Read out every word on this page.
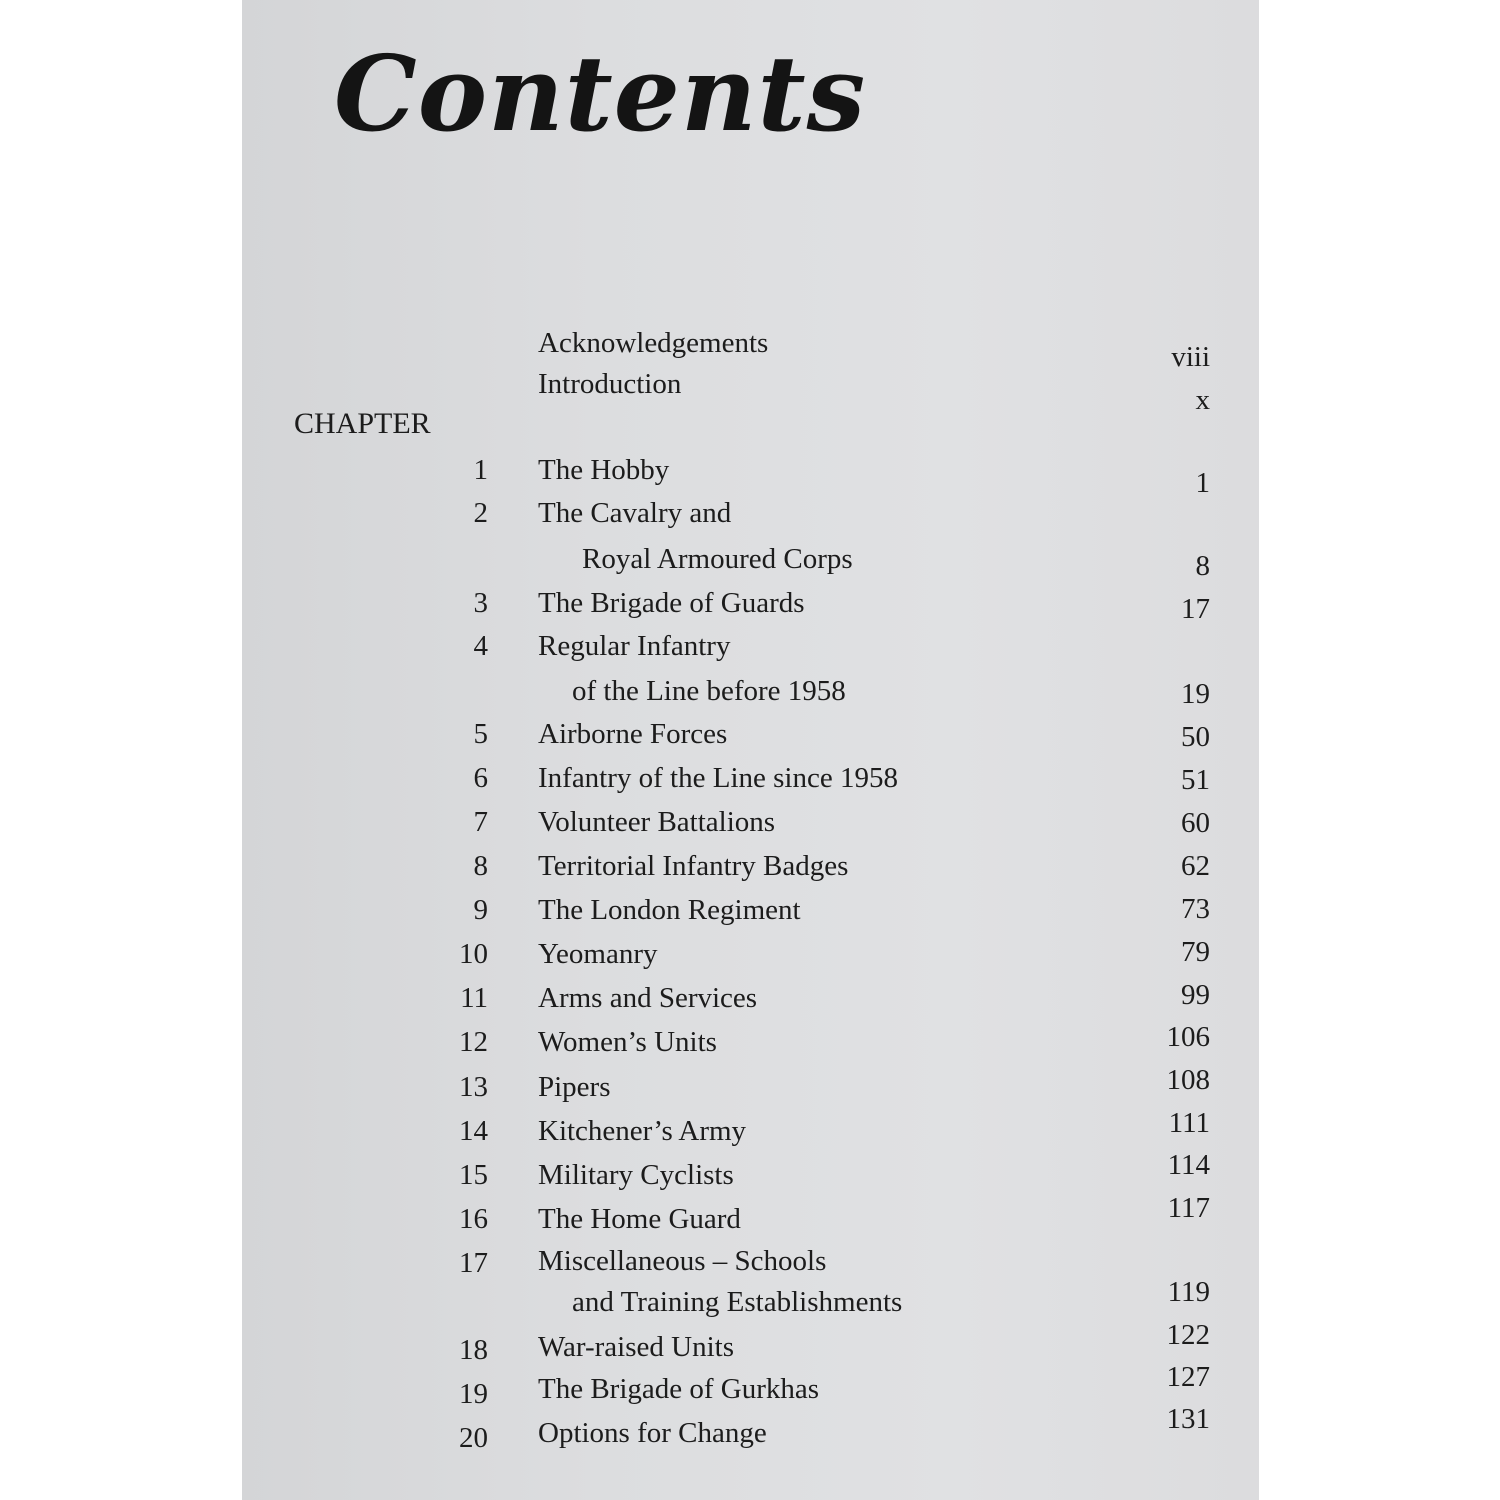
Contents
Acknowledgements	viii
Introduction	x
CHAPTER
1 The Hobby	1
2 The Cavalry and
Royal Armoured Corps	8
3 The Brigade of Guards	17
4 Regular Infantry
of the Line before 1958	19
5 Airborne Forces	50
6 Infantry of the Line since 1958	51
7 Volunteer Battalions	60
8 Territorial Infantry Badges	62
9 The London Regiment	73
10 Yeomanry	79
11 Arms and Services	99
12 Women’s Units	106
13 Pipers	108
14 Kitchener’s Army	111
15 Military Cyclists	114
16 The Home Guard	117
17 Miscellaneous – Schools
and Training Establishments	119
18 War-raised Units	122
19 The Brigade of Gurkhas	127
20 Options for Change	131
